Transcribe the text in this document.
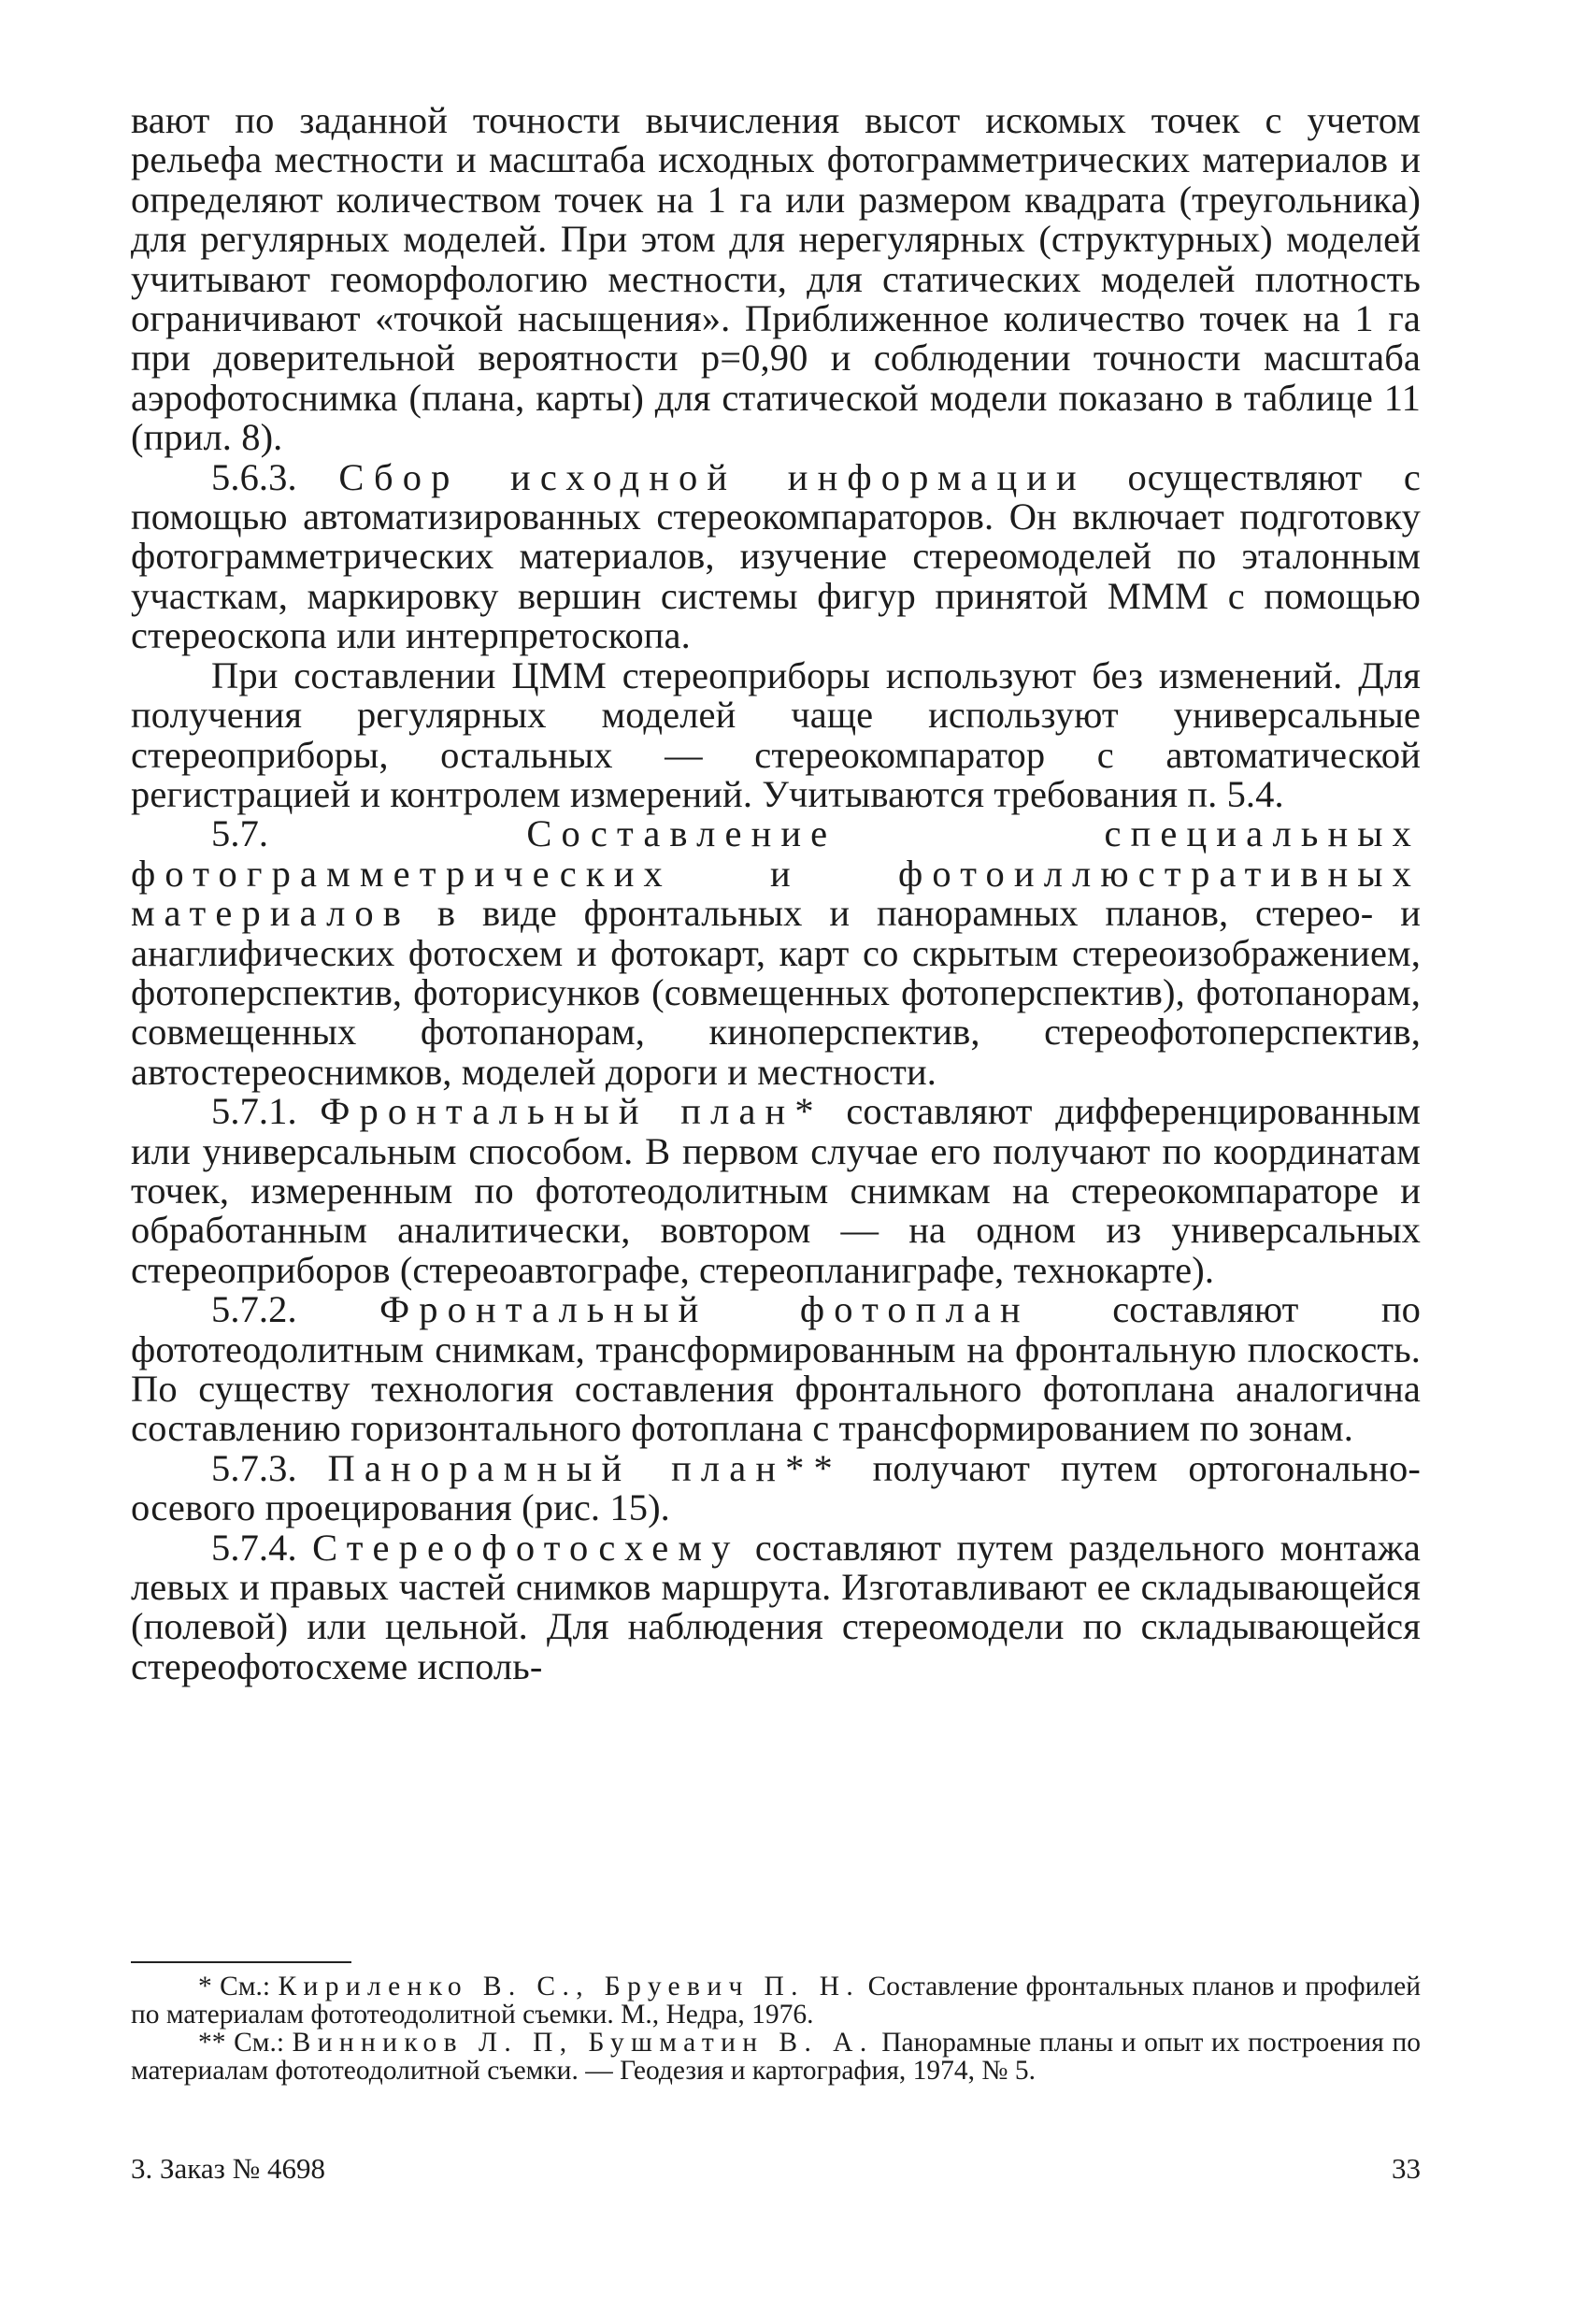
вают по заданной точности вычисления высот искомых точек с учетом рельефа местности и масштаба исходных фотограмметрических материалов и определяют количеством точек на 1 га или размером квадрата (треугольника) для регулярных моделей. При этом для нерегулярных (структурных) моделей учитывают геоморфологию местности, для статических моделей плотность ограничивают «точкой насыщения». Приближенное количество точек на 1 га при доверительной вероятности p=0,90 и соблюдении точности масштаба аэрофотоснимка (плана, карты) для статической модели показано в таблице 11 (прил. 8).

5.6.3. Сбор исходной информации осуществляют с помощью автоматизированных стереокомпараторов. Он включает подготовку фотограмметрических материалов, изучение стереомоделей по эталонным участкам, маркировку вершин системы фигур принятой МММ с помощью стереоскопа или интерпретоскопа.

При составлении ЦММ стереоприборы используют без изменений. Для получения регулярных моделей чаще используют универсальные стереоприборы, остальных — стереокомпаратор с автоматической регистрацией и контролем измерений. Учитываются требования п. 5.4.

5.7.	Составление специальных фотограмметрических и фотоиллюстративных материалов в виде фронтальных и панорамных планов, стерео- и анаглифических фотосхем и фотокарт, карт со скрытым стереоизображением, фотоперспектив, фоторисунков (совмещенных фотоперспектив), фотопанорам, совмещенных фотопанорам, киноперспектив, стереофотоперспектив, автостереоснимков, моделей дороги и местности.

5.7.1. Фронтальный план* составляют дифференцированным или универсальным способом. В первом случае его получают по координатам точек, измеренным по фототеодолитным снимкам на стереокомпараторе и обработанным аналитически, вовтором — на одном из универсальных стереоприборов (стереоавтографе, стереопланиграфе, технокарте).

5.7.2. Фронтальный фотоплан составляют по фототеодолитным снимкам, трансформированным на фронтальную плоскость. По существу технология составления фронтального фотоплана аналогична составлению горизонтального фотоплана с трансформированием по зонам.

5.7.3. Панорамный план** получают путем ортогонально-осевого проецирования (рис. 15).

5.7.4. Стереофотосхему составляют путем раздельного монтажа левых и правых частей снимков маршрута. Изготавливают ее складывающейся (полевой) или цельной. Для наблюдения стереомодели по складывающейся стереофотосхеме исполь-

* См.: Кириленко В. С., Бруевич П. Н. Составление фронтальных планов и профилей по материалам фототеодолитной съемки. М., Недра, 1976.

** См.: Винников Л. П, Бушматин В. А. Панорамные планы и опыт их построения по материалам фототеодолитной съемки. — Геодезия и картография, 1974, № 5.

3. Заказ № 4698	33
